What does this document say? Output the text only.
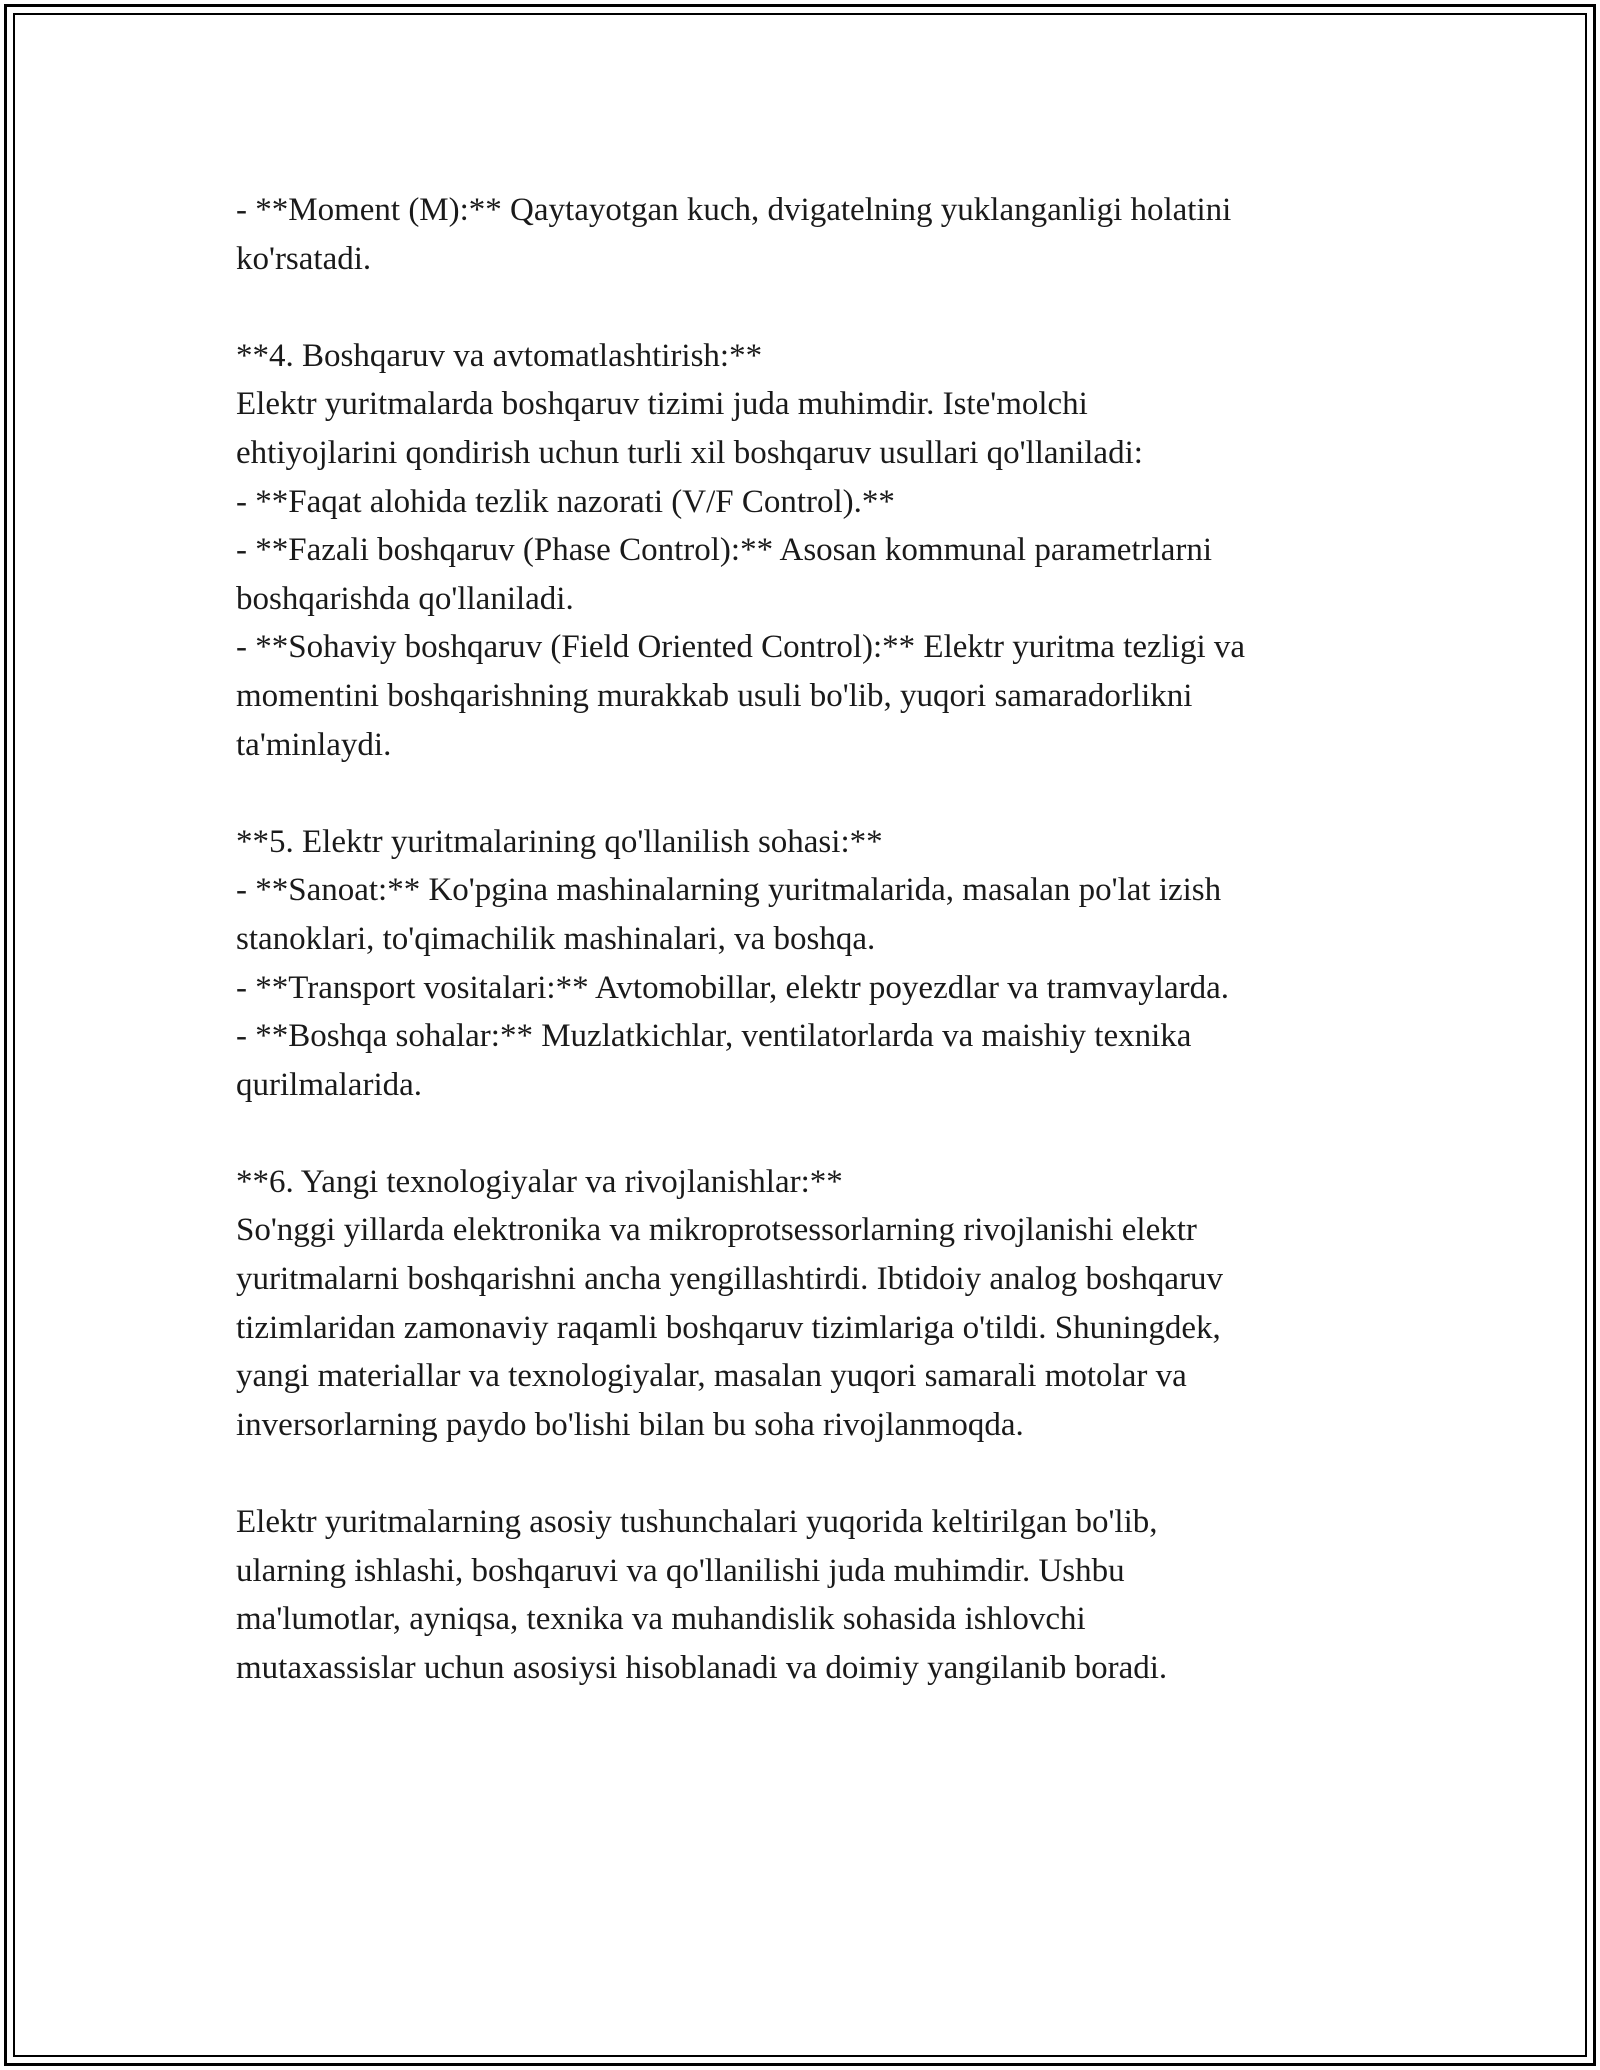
- **Moment (M):** Qaytayotgan kuch, dvigatelning yuklanganligi holatini
ko'rsatadi.
**4. Boshqaruv va avtomatlashtirish:**
Elektr yuritmalarda boshqaruv tizimi juda muhimdir. Iste'molchi
ehtiyojlarini qondirish uchun turli xil boshqaruv usullari qo'llaniladi:
- **Faqat alohida tezlik nazorati (V/F Control).**
- **Fazali boshqaruv (Phase Control):** Asosan kommunal parametrlarni
boshqarishda qo'llaniladi.
- **Sohaviy boshqaruv (Field Oriented Control):** Elektr yuritma tezligi va
momentini boshqarishning murakkab usuli bo'lib, yuqori samaradorlikni
ta'minlaydi.
**5. Elektr yuritmalarining qo'llanilish sohasi:**
- **Sanoat:** Ko'pgina mashinalarning yuritmalarida, masalan po'lat izish
stanoklari, to'qimachilik mashinalari, va boshqa.
- **Transport vositalari:** Avtomobillar, elektr poyezdlar va tramvaylarda.
- **Boshqa sohalar:** Muzlatkichlar, ventilatorlarda va maishiy texnika
qurilmalarida.
**6. Yangi texnologiyalar va rivojlanishlar:**
So'nggi yillarda elektronika va mikroprotsessorlarning rivojlanishi elektr
yuritmalarni boshqarishni ancha yengillashtirdi. Ibtidoiy analog boshqaruv
tizimlaridan zamonaviy raqamli boshqaruv tizimlariga o'tildi. Shuningdek,
yangi materiallar va texnologiyalar, masalan yuqori samarali motolar va
inversorlarning paydo bo'lishi bilan bu soha rivojlanmoqda.
Elektr yuritmalarning asosiy tushunchalari yuqorida keltirilgan bo'lib,
ularning ishlashi, boshqaruvi va qo'llanilishi juda muhimdir. Ushbu
ma'lumotlar, ayniqsa, texnika va muhandislik sohasida ishlovchi
mutaxassislar uchun asosiysi hisoblanadi va doimiy yangilanib boradi.
